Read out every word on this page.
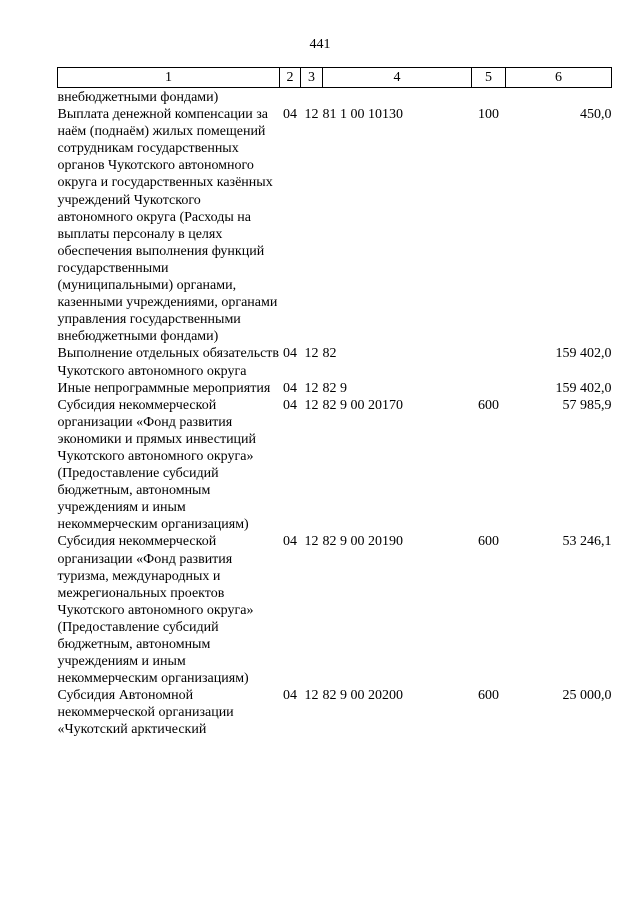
441
1	2	3	4	5	6
внебюджетными фондами)					
Выплата денежной компенсации за наём (поднаём) жилых помещений сотрудникам государственных органов Чукотского автономного округа и государственных казённых учреждений Чукотского автономного округа (Расходы на выплаты персоналу в целях обеспечения выполнения функций государственными (муниципальными) органами, казенными учреждениями, органами управления государственными внебюджетными фондами)	04	12	81 1 00 10130	100	450,0
Выполнение отдельных обязательств Чукотского автономного округа	04	12	82		159 402,0
Иные непрограммные мероприятия	04	12	82 9		159 402,0
Субсидия некоммерческой организации «Фонд развития экономики и прямых инвестиций Чукотского автономного округа» (Предоставление субсидий бюджетным, автономным учреждениям и иным некоммерческим организациям)	04	12	82 9 00 20170	600	57 985,9
Субсидия некоммерческой организации «Фонд развития туризма, международных и межрегиональных проектов Чукотского автономного округа» (Предоставление субсидий бюджетным, автономным учреждениям и иным некоммерческим организациям)	04	12	82 9 00 20190	600	53 246,1
Субсидия Автономной некоммерческой организации «Чукотский арктический	04	12	82 9 00 20200	600	25 000,0
